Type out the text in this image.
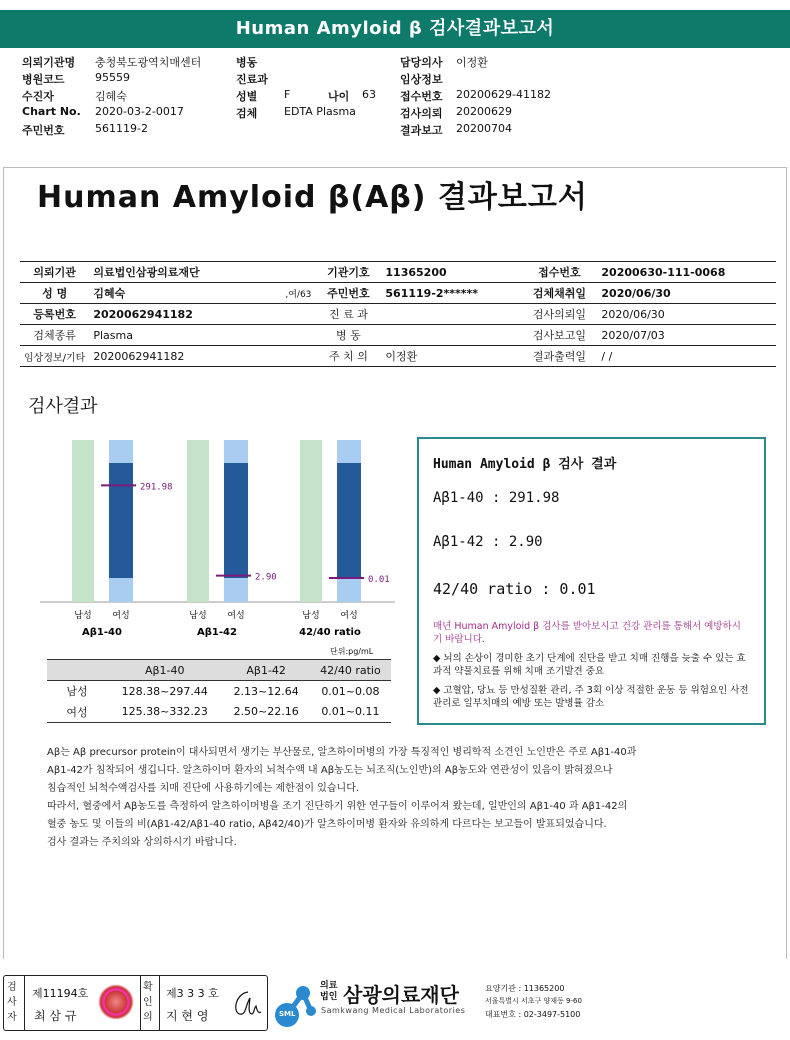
Human Amyloid β 검사결과보고서
의뢰기관명 충청북도광역치매센터	병동	담당의사 이정환
병원코드	95559	진료과	임상정보
수진자	김혜숙	성별 F	나이 63 접수번호 20200629-41182
Chart No. 2020-03-2-0017	검체 EDTA Plasma	검사의뢰 20200629
주민번호	561119-2	결과보고 20200704
Human Amyloid β(Aβ) 결과보고서
의뢰기관	의료법인삼광의료재단		기관기호	11365200	접수번호	20200630-111-0068
성 명	김혜숙	,여/63	주민번호	561119-2******	검체채취일	2020/06/30
등록번호	2020062941182		진 료 과		검사의뢰일	2020/06/30
검체종류	Plasma		병 동		검사보고일	2020/07/03
임상정보/기타	2020062941182		주 치 의	이정환	결과출력일	/ /
검사결과
291.98
남성 여성
Aβ1-40
2.90
남성 여성
Aβ1-42
0.01
남성 여성
42/40 ratio
단위:pg/mL
	Aβ1-40	Aβ1-42	42/40 ratio
남성	128.38~297.44	2.13~12.64	0.01~0.08
여성	125.38~332.23	2.50~22.16	0.01~0.11
Human Amyloid β 검사 결과
Aβ1-40 : 291.98
Aβ1-42 : 2.90
42/40 ratio : 0.01
매년 Human Amyloid β 검사를 받아보시고 건강 관리를 통해서 예방하시기 바랍니다.
◆ 뇌의 손상이 경미한 초기 단계에 진단을 받고 치매 진행을 늦출 수 있는 효과적 약물치료를 위해 치매 조기발견 중요
◆ 고혈압, 당뇨 등 만성질환 관리, 주 3회 이상 적절한 운동 등 위험요인 사전관리로 일부치매의 예방 또는 발병률 감소
Aβ는 Aβ precursor protein이 대사되면서 생기는 부산물로, 알츠하이머병의 가장 특징적인 병리학적 소견인 노인반은 주로 Aβ1-40과
Aβ1-42가 침착되어 생깁니다. 알츠하이머 환자의 뇌척수액 내 Aβ농도는 뇌조직(노인반)의 Aβ농도와 연관성이 있음이 밝혀졌으나
침습적인 뇌척수액검사를 치매 진단에 사용하기에는 제한점이 있습니다.
따라서, 혈중에서 Aβ농도를 측정하여 알츠하이머병을 조기 진단하기 위한 연구들이 이루어져 왔는데, 일반인의 Aβ1-40 과 Aβ1-42의
혈중 농도 및 이들의 비(Aβ1-42/Aβ1-40 ratio, Aβ42/40)가 알츠하이머병 환자와 유의하게 다르다는 보고들이 발표되었습니다.
검사 결과는 주치의와 상의하시기 바랍니다.
검사자
제11194호
최 삼 규
확인의
제3 3 3 호
지 현 영	SML
의료법인 삼광의료재단
Samkwang Medical Laboratories
요양기관 : 11365200
서울특별시 서초구 양재동 9-60
대표번호 : 02-3497-5100
